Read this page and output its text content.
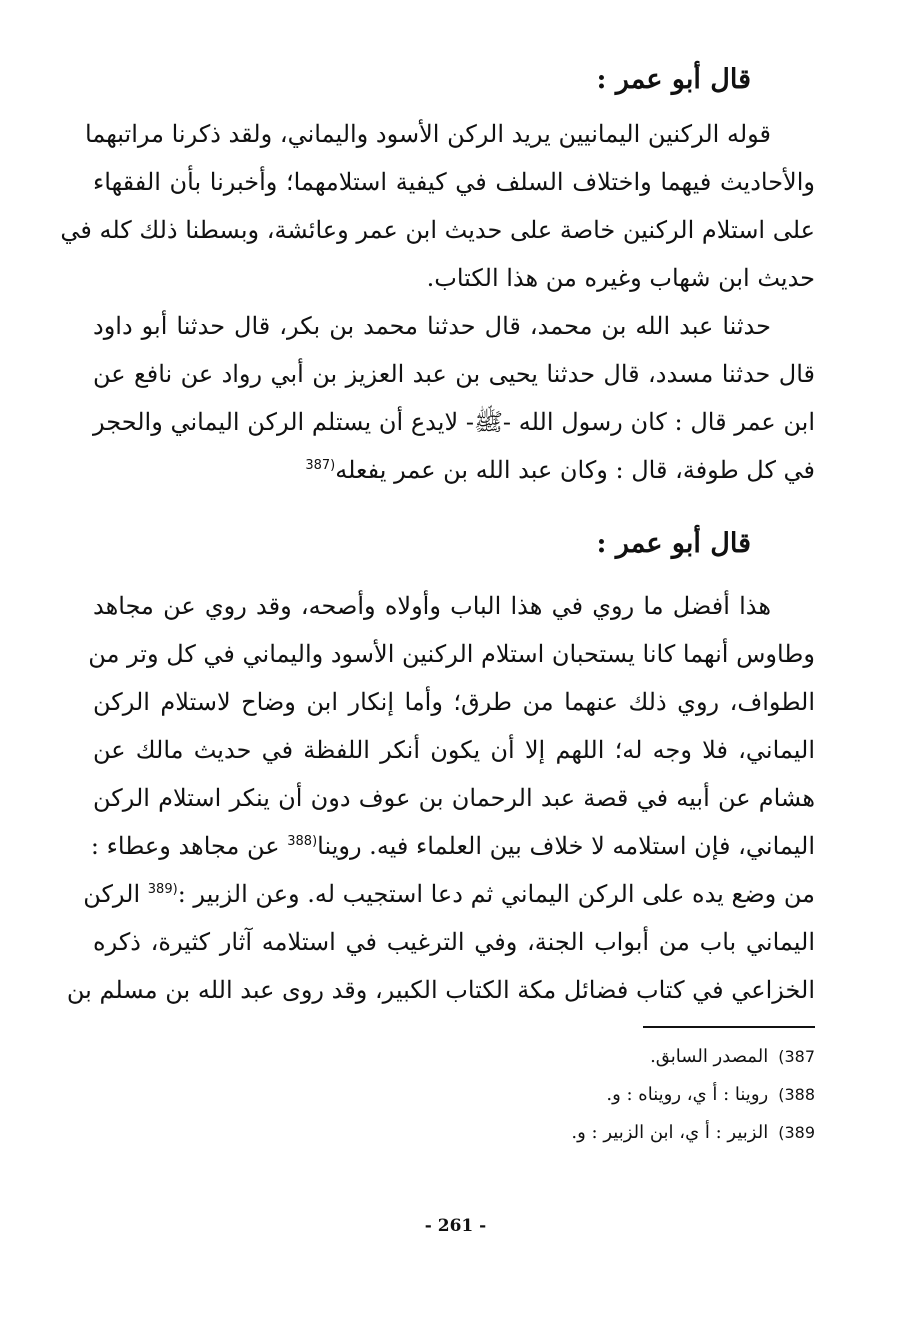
قال أبو عمر :
قوله الركنين اليمانيين يريد الركن الأسود واليماني، ولقد ذكرنا مراتبهما
والأحاديث فيهما واختلاف السلف في كيفية استلامهما؛ وأخبرنا بأن الفقهاء
على استلام الركنين خاصة على حديث ابن عمر وعائشة، وبسطنا ذلك كله في
حديث ابن شهاب وغيره من هذا الكتاب.
حدثنا عبد الله بن محمد، قال حدثنا محمد بن بكر، قال حدثنا أبو داود
قال حدثنا مسدد، قال حدثنا يحيى بن عبد العزيز بن أبي رواد عن نافع عن
ابن عمر قال : كان رسول الله -ﷺ- لايدع أن يستلم الركن اليماني والحجر
في كل طوفة، قال : وكان عبد الله بن عمر يفعله$^{(387}$
قال أبو عمر :
هذا أفضل ما روي في هذا الباب وأولاه وأصحه، وقد روي عن مجاهد
وطاوس أنهما كانا يستحبان استلام الركنين الأسود واليماني في كل وتر من
الطواف، روي ذلك عنهما من طرق؛ وأما إنكار ابن وضاح لاستلام الركن
اليماني، فلا وجه له؛ اللهم إلا أن يكون أنكر اللفظة في حديث مالك عن
هشام عن أبيه في قصة عبد الرحمان بن عوف دون أن ينكر استلام الركن
اليماني، فإن استلامه لا خلاف بين العلماء فيه. روينا$^{(388}$ عن مجاهد وعطاء :
من وضع يده على الركن اليماني ثم دعا استجيب له. وعن الزبير :$^{(389}$ الركن
اليماني باب من أبواب الجنة، وفي الترغيب في استلامه آثار كثيرة، ذكره
الخزاعي في كتاب فضائل مكة الكتاب الكبير، وقد روى عبد الله بن مسلم بن
387)المصدر السابق.
388)روينا : أ ي، روينا‌ه : و.
389)الزبير : أ ي، ابن الزبير : و.
- 261 -
